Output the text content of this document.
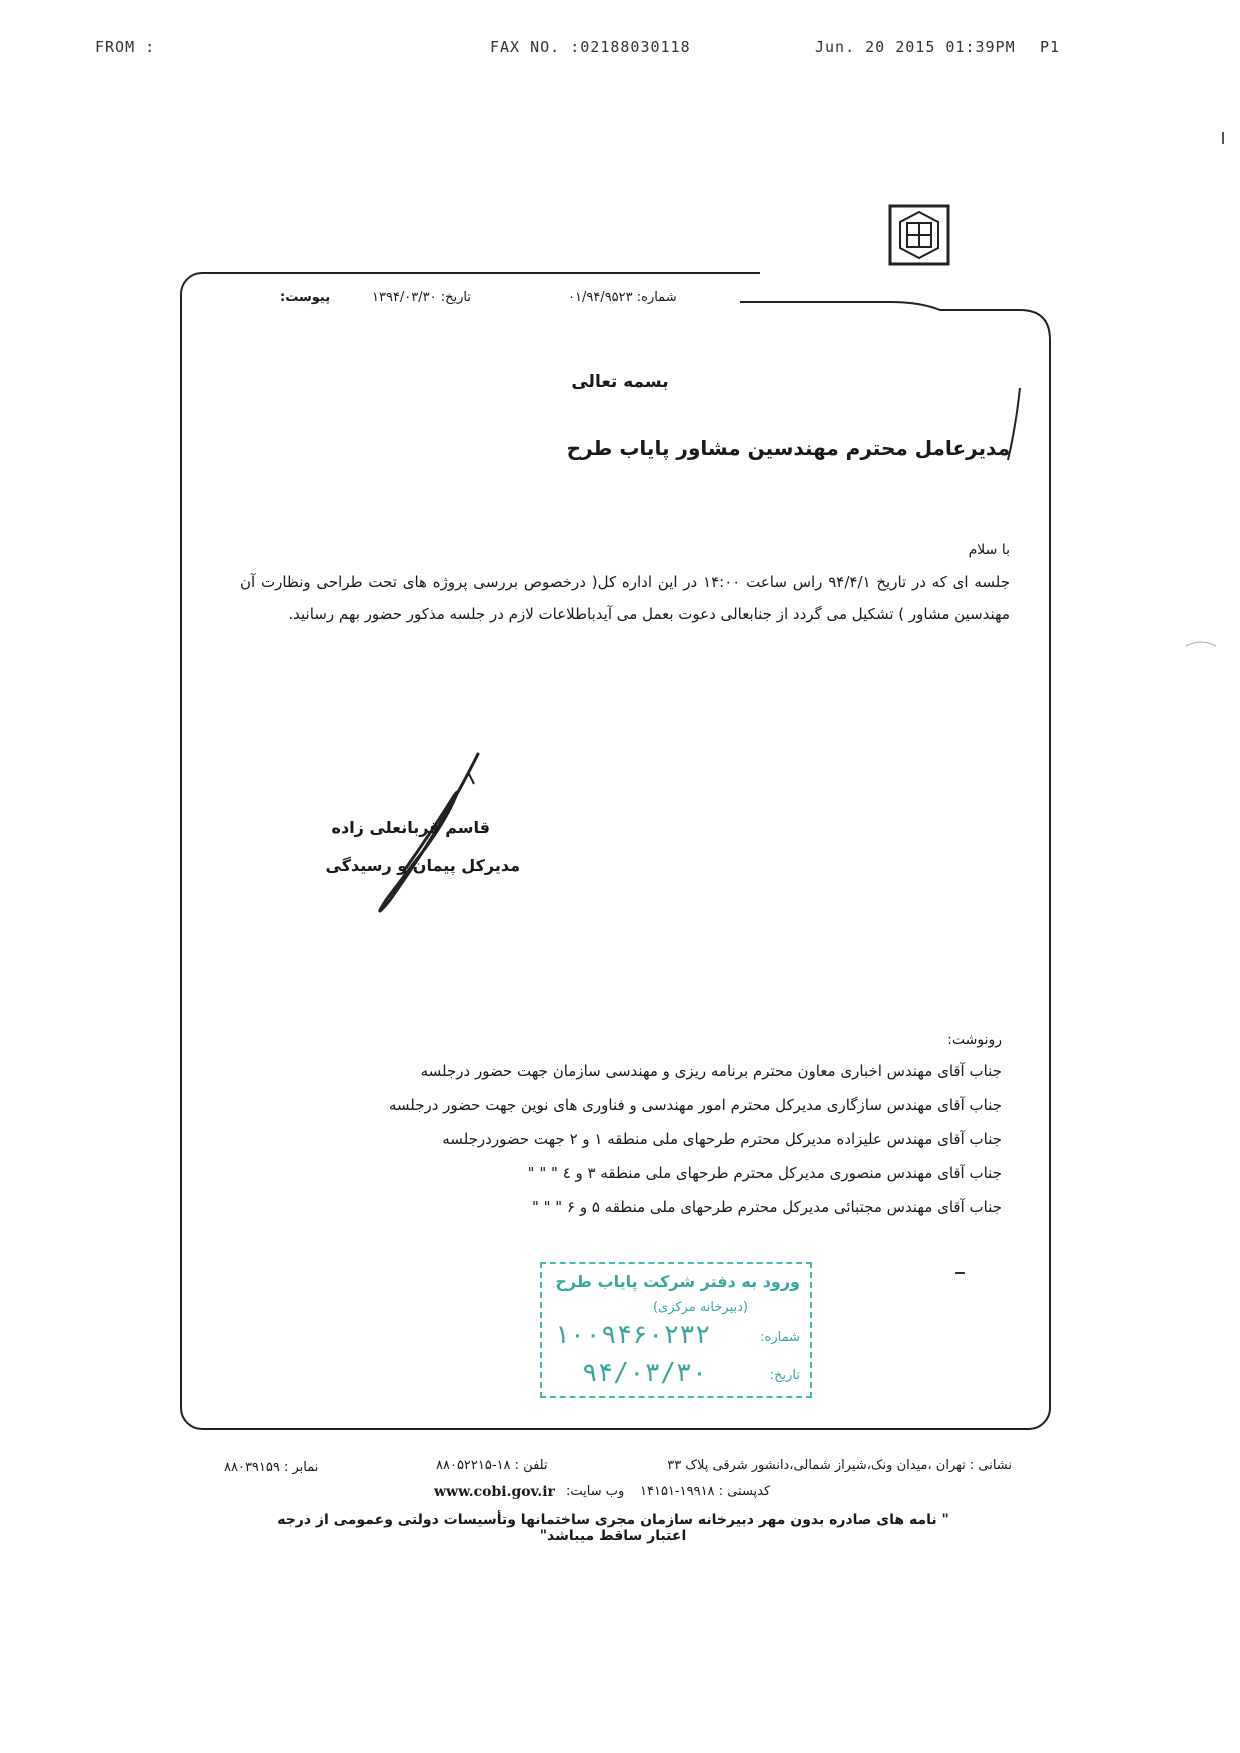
FROM :	FAX NO. :02188030118	Jun. 20 2015 01:39PM P1
شماره: ۰۱/۹۴/۹۵۲۳
تاریخ: ۱۳۹۴/۰۳/۳۰
پیوست:
بسمه تعالی
مدیرعامل محترم مهندسین مشاور پایاب طرح
با سلام
جلسه ای که در تاریخ ۹۴/۴/۱ راس ساعت ۱۴:۰۰ در این اداره کل( درخصوص بررسی پروژه های تحت طراحی ونظارت آن مهندسین مشاور ) تشکیل می گردد از جنابعالی دعوت بعمل می آیدباطلاعات لازم در جلسه مذکور حضور بهم رسانید.
قاسم قربانعلی زاده
مدیرکل پیمان و رسیدگی
رونوشت:
جناب آقای مهندس اخباری معاون محترم برنامه ریزی و مهندسی سازمان جهت حضور درجلسه
جناب آقای مهندس سازگاری مدیرکل محترم امور مهندسی و فناوری های نوین جهت حضور درجلسه
جناب آقای مهندس علیزاده مدیرکل محترم طرحهای ملی منطقه ۱ و ۲ جهت حضوردرجلسه
جناب آقای مهندس منصوری مدیرکل محترم طرحهای ملی منطقه ۳ و ٤ " " "
جناب آقای مهندس مجتبائی مدیرکل محترم طرحهای ملی منطقه ۵ و ۶ " " "
ورود به دفتر شرکت پایاب طرح
(دبیرخانه مرکزی)
شماره:
۱۰۰۹۴۶۰۲۳۲
تاریخ:
۹۴/۰۳/۳۰
نشانی : تهران ،میدان ونک،شیراز شمالی،دانشور شرقی پلاک ۳۳
تلفن : ۱۸-۸۸۰۵۲۲۱۵
نمابر : ۸۸۰۳۹۱۵۹
کدپستی : ۱۹۹۱۸-۱۴۱۵۱
وب سایت:
www.cobi.gov.ir
" نامه های صادره بدون مهر دبیرخانه سازمان مجری ساختمانها وتأسیسات دولتی وعمومی از درجه اعتبار ساقط میباشد"
